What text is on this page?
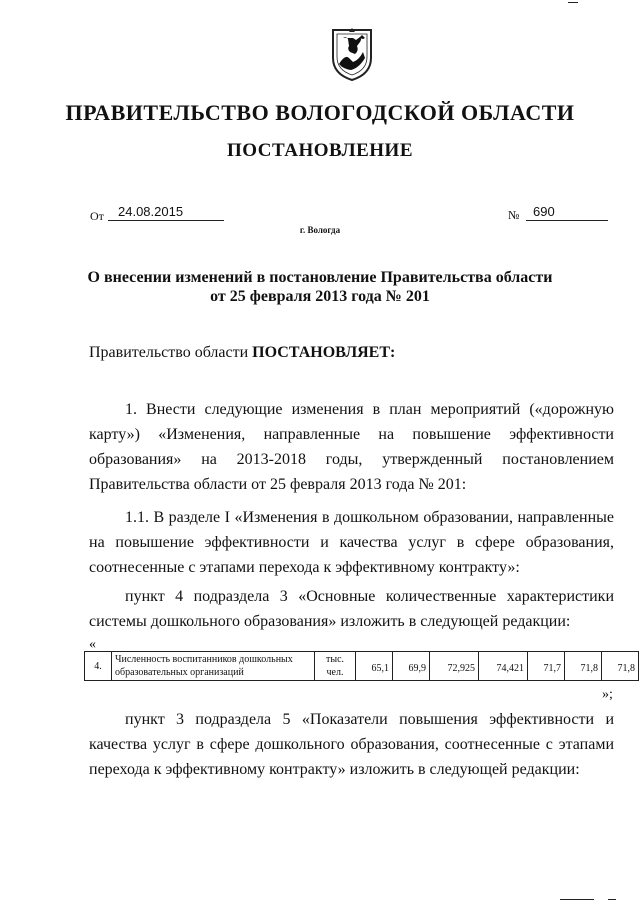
ПРАВИТЕЛЬСТВО ВОЛОГОДСКОЙ ОБЛАСТИ
ПОСТАНОВЛЕНИЕ
От 24.08.2015	№ 690
г. Вологда
О внесении изменений в постановление Правительства области
от 25 февраля 2013 года № 201
Правительство области ПОСТАНОВЛЯЕТ:
1. Внести следующие изменения в план мероприятий («дорожную карту») «Изменения, направленные на повышение эффективности образования» на 2013-2018 годы, утвержденный постановлением Правительства области от 25 февраля 2013 года № 201:
1.1. В разделе I «Изменения в дошкольном образовании, направленные на повышение эффективности и качества услуг в сфере образования, соотнесенные с этапами перехода к эффективному контракту»:
пункт 4 подраздела 3 «Основные количественные характеристики системы дошкольного образования» изложить в следующей редакции:
«
4.	Численность воспитанников дошкольных образовательных организаций	тыс. чел.	65,1	69,9	72,925	74,421	71,7	71,8	71,8
»;
пункт 3 подраздела 5 «Показатели повышения эффективности и качества услуг в сфере дошкольного образования, соотнесенные с этапами перехода к эффективному контракту» изложить в следующей редакции:
